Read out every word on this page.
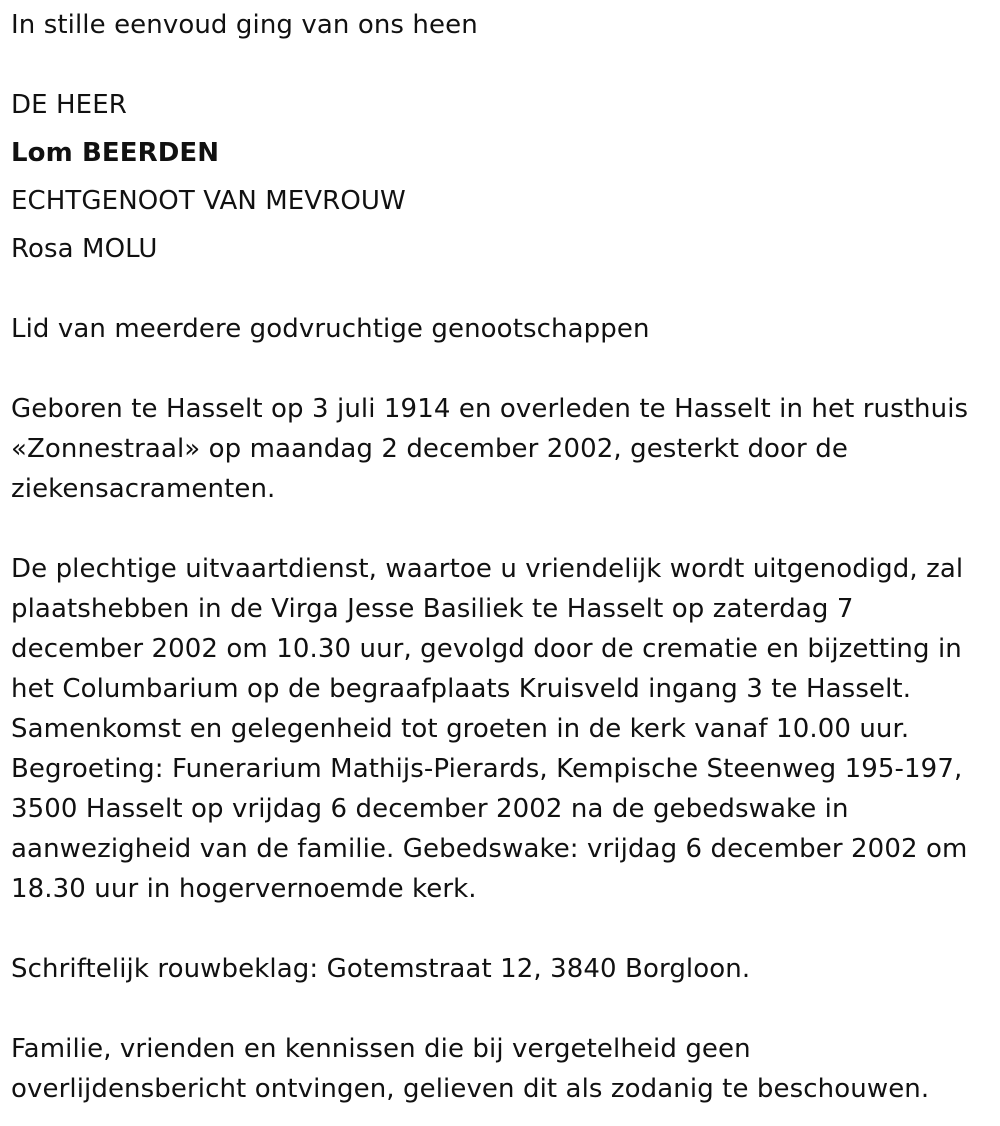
In stille eenvoud ging van ons heen
DE HEER
Lom BEERDEN
ECHTGENOOT VAN MEVROUW
Rosa MOLU
Lid van meerdere godvruchtige genootschappen
Geboren te Hasselt op 3 juli 1914 en overleden te Hasselt in het rusthuis
«Zonnestraal» op maandag 2 december 2002, gesterkt door de
ziekensacramenten.
De plechtige uitvaartdienst, waartoe u vriendelijk wordt uitgenodigd, zal
plaatshebben in de Virga Jesse Basiliek te Hasselt op zaterdag 7
december 2002 om 10.30 uur, gevolgd door de crematie en bijzetting in
het Columbarium op de begraafplaats Kruisveld ingang 3 te Hasselt.
Samenkomst en gelegenheid tot groeten in de kerk vanaf 10.00 uur.
Begroeting: Funerarium Mathijs-Pierards, Kempische Steenweg 195-197,
3500 Hasselt op vrijdag 6 december 2002 na de gebedswake in
aanwezigheid van de familie. Gebedswake: vrijdag 6 december 2002 om
18.30 uur in hogervernoemde kerk.
Schriftelijk rouwbeklag: Gotemstraat 12, 3840 Borgloon.
Familie, vrienden en kennissen die bij vergetelheid geen
overlijdensbericht ontvingen, gelieven dit als zodanig te beschouwen.
